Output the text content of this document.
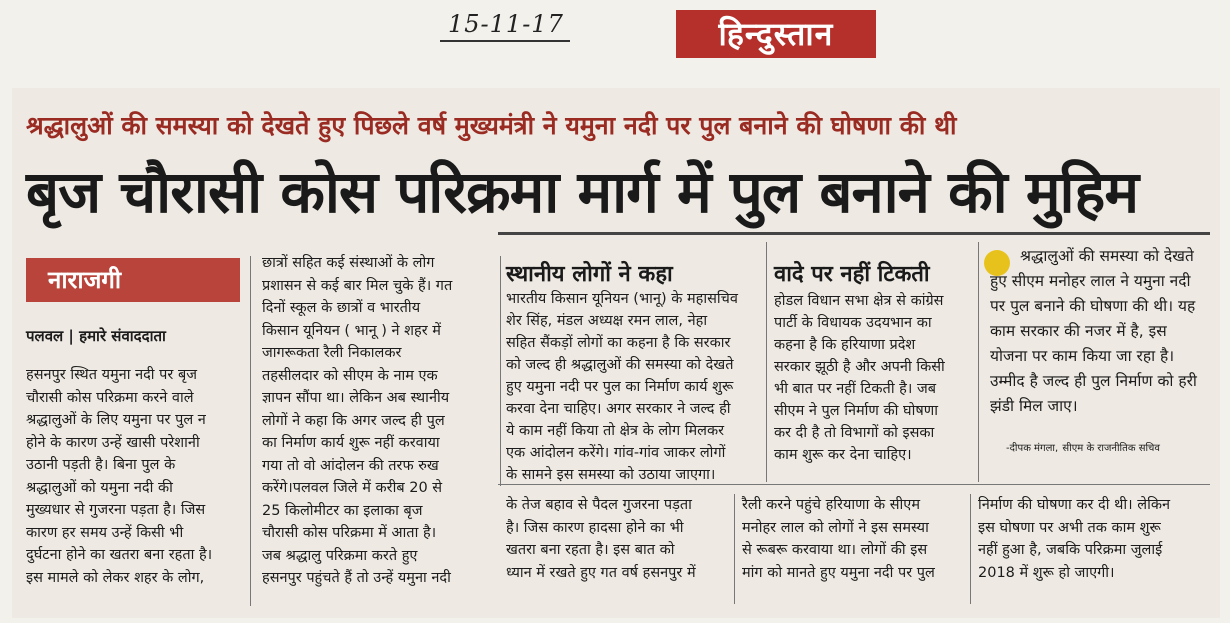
15-11-17	हिन्दुस्तान
श्रद्धालुओं की समस्या को देखते हुए पिछले वर्ष मुख्यमंत्री ने यमुना नदी पर पुल बनाने की घोषणा की थी
बृज चौरासी कोस परिक्रमा मार्ग में पुल बनाने की मुहिम
नाराजगी
पलवल | हमारे संवाददाता

हसनपुर स्थित यमुना नदी पर बृज

चौरासी कोस परिक्रमा करने वाले

श्रद्धालुओं के लिए यमुना पर पुल न

होने के कारण उन्हें खासी परेशानी

उठानी पड़ती है। बिना पुल के

श्रद्धालुओं को यमुना नदी की

मुख्यधार से गुजरना पड़ता है। जिस

कारण हर समय उन्हें किसी भी

दुर्घटना होने का खतरा बना रहता है।

इस मामले को लेकर शहर के लोग,

छात्रों सहित कई संस्थाओं के लोग

प्रशासन से कई बार मिल चुके हैं। गत

दिनों स्कूल के छात्रों व भारतीय

किसान यूनियन ( भानू ) ने शहर में

जागरूकता रैली निकालकर

तहसीलदार को सीएम के नाम एक

ज्ञापन सौंपा था। लेकिन अब स्थानीय

लोगों ने कहा कि अगर जल्द ही पुल

का निर्माण कार्य शुरू नहीं करवाया

गया तो वो आंदोलन की तरफ रुख

करेंगे।पलवल जिले में करीब 20 से

25 किलोमीटर का इलाका बृज

चौरासी कोस परिक्रमा में आता है।

जब श्रद्धालु परिक्रमा करते हुए

हसनपुर पहुंचते हैं तो उन्हें यमुना नदी

स्थानीय लोगों ने कहा
भारतीय किसान यूनियन (भानू) के महासचिव
शेर सिंह, मंडल अध्यक्ष रमन लाल, नेहा
सहित सैंकड़ों लोगों का कहना है कि सरकार
को जल्द ही श्रद्धालुओं की समस्या को देखते
हुए यमुना नदी पर पुल का निर्माण कार्य शुरू
करवा देना चाहिए। अगर सरकार ने जल्द ही
ये काम नहीं किया तो क्षेत्र के लोग मिलकर
एक आंदोलन करेंगे। गांव-गांव जाकर लोगों
के सामने इस समस्या को उठाया जाएगा।
वादे पर नहीं टिकती
होडल विधान सभा क्षेत्र से कांग्रेस
पार्टी के विधायक उदयभान का
कहना है कि हरियाणा प्रदेश
सरकार झूठी है और अपनी किसी
भी बात पर नहीं टिकती है। जब
सीएम ने पुल निर्माण की घोषणा
कर दी है तो विभागों को इसका
काम शुरू कर देना चाहिए।
श्रद्धालुओं की समस्या को देखते हुए सीएम मनोहर लाल ने यमुना नदी पर पुल बनाने की घोषणा की थी। यह काम सरकार की नजर में है, इस योजना पर काम किया जा रहा है। उम्मीद है जल्द ही पुल निर्माण को हरी झंडी मिल जाए।
-दीपक मंगला, सीएम के राजनीतिक सचिव

के तेज बहाव से पैदल गुजरना पड़ता

है। जिस कारण हादसा होने का भी

खतरा बना रहता है। इस बात को

ध्यान में रखते हुए गत वर्ष हसनपुर में

रैली करने पहुंचे हरियाणा के सीएम

मनोहर लाल को लोगों ने इस समस्या

से रूबरू करवाया था। लोगों की इस

मांग को मानते हुए यमुना नदी पर पुल

निर्माण की घोषणा कर दी थी। लेकिन

इस घोषणा पर अभी तक काम शुरू

नहीं हुआ है, जबकि परिक्रमा जुलाई

2018 में शुरू हो जाएगी।
